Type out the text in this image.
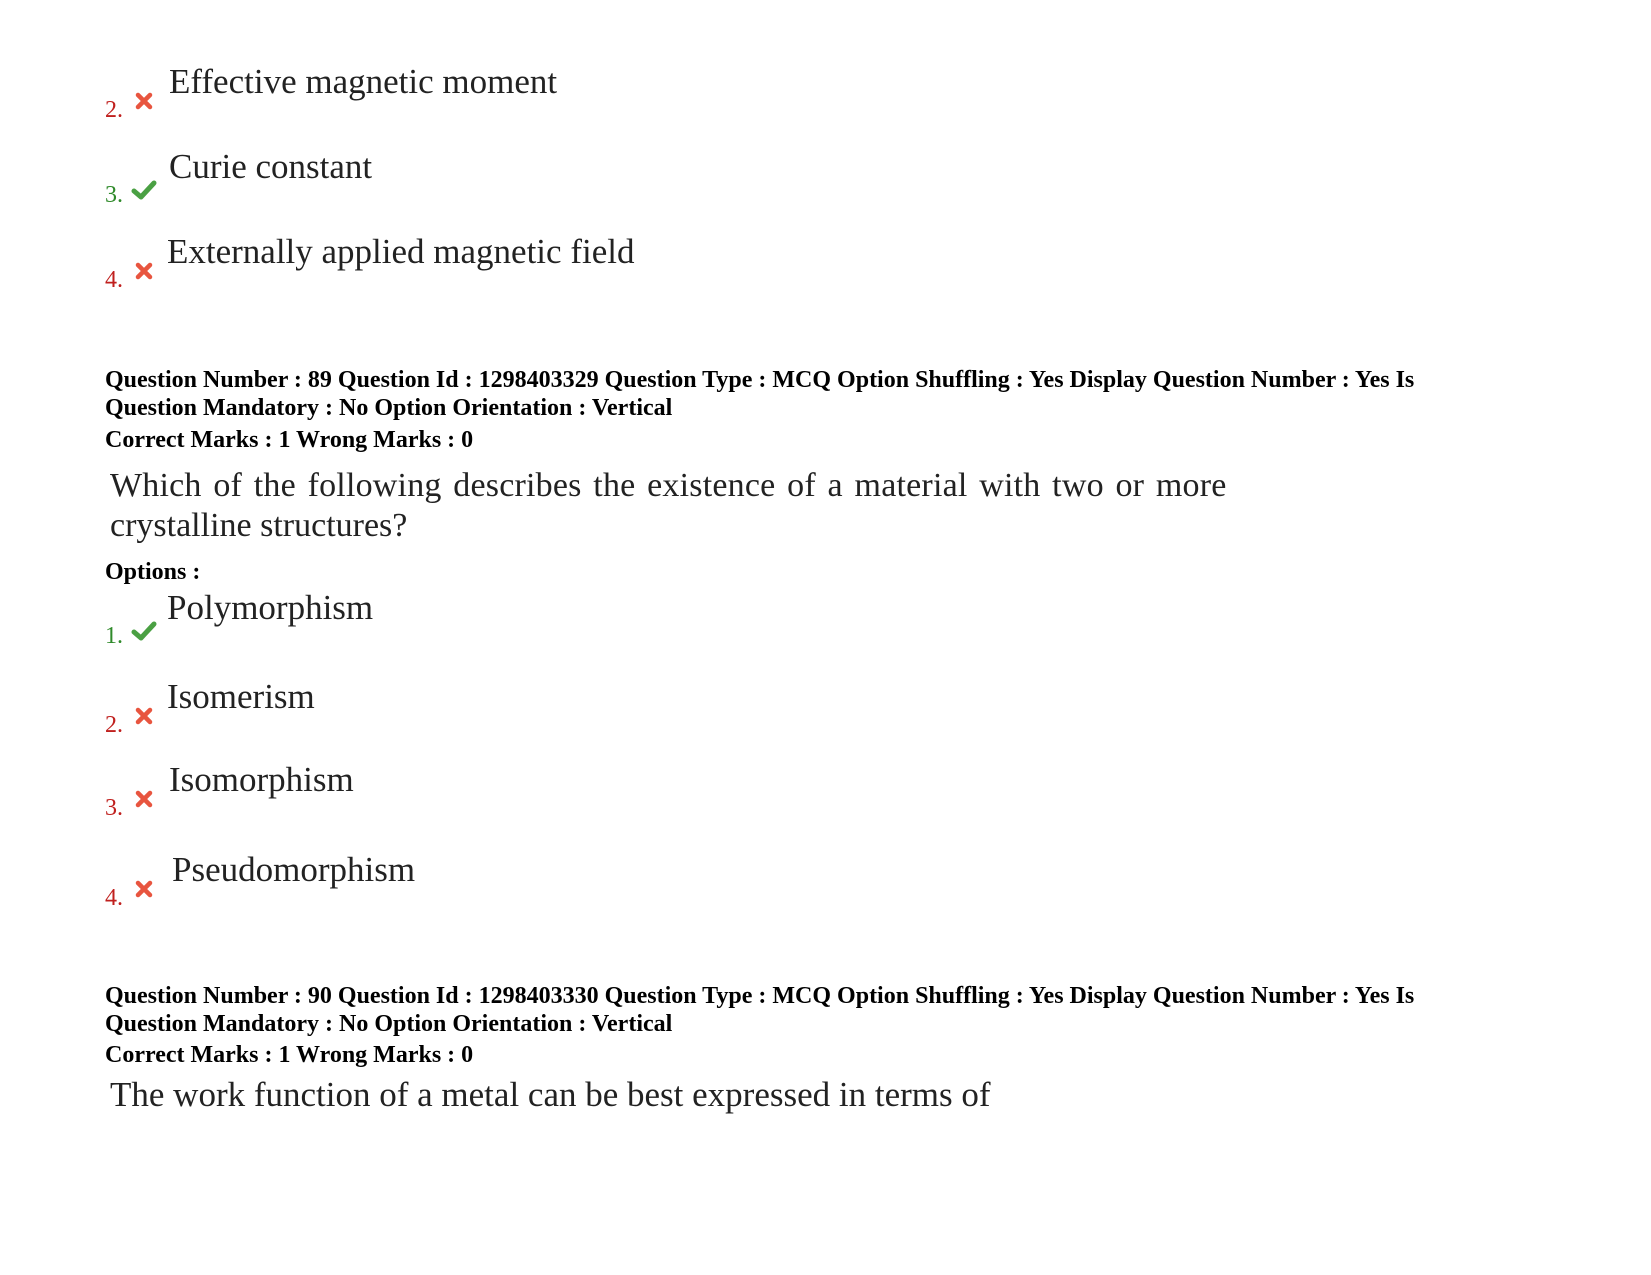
2.
Effective magnetic moment
3.
Curie constant
4.
Externally applied magnetic field
Question Number : 89 Question Id : 1298403329 Question Type : MCQ Option Shuffling : Yes Display Question Number : Yes Is
Question Mandatory : No Option Orientation : Vertical
Correct Marks : 1 Wrong Marks : 0
Which of the following describes the existence of a material with two or more
crystalline structures?
Options :
1.
Polymorphism
2.
Isomerism
3.
Isomorphism
4.
Pseudomorphism
Question Number : 90 Question Id : 1298403330 Question Type : MCQ Option Shuffling : Yes Display Question Number : Yes Is
Question Mandatory : No Option Orientation : Vertical
Correct Marks : 1 Wrong Marks : 0
The work function of a metal can be best expressed in terms of
